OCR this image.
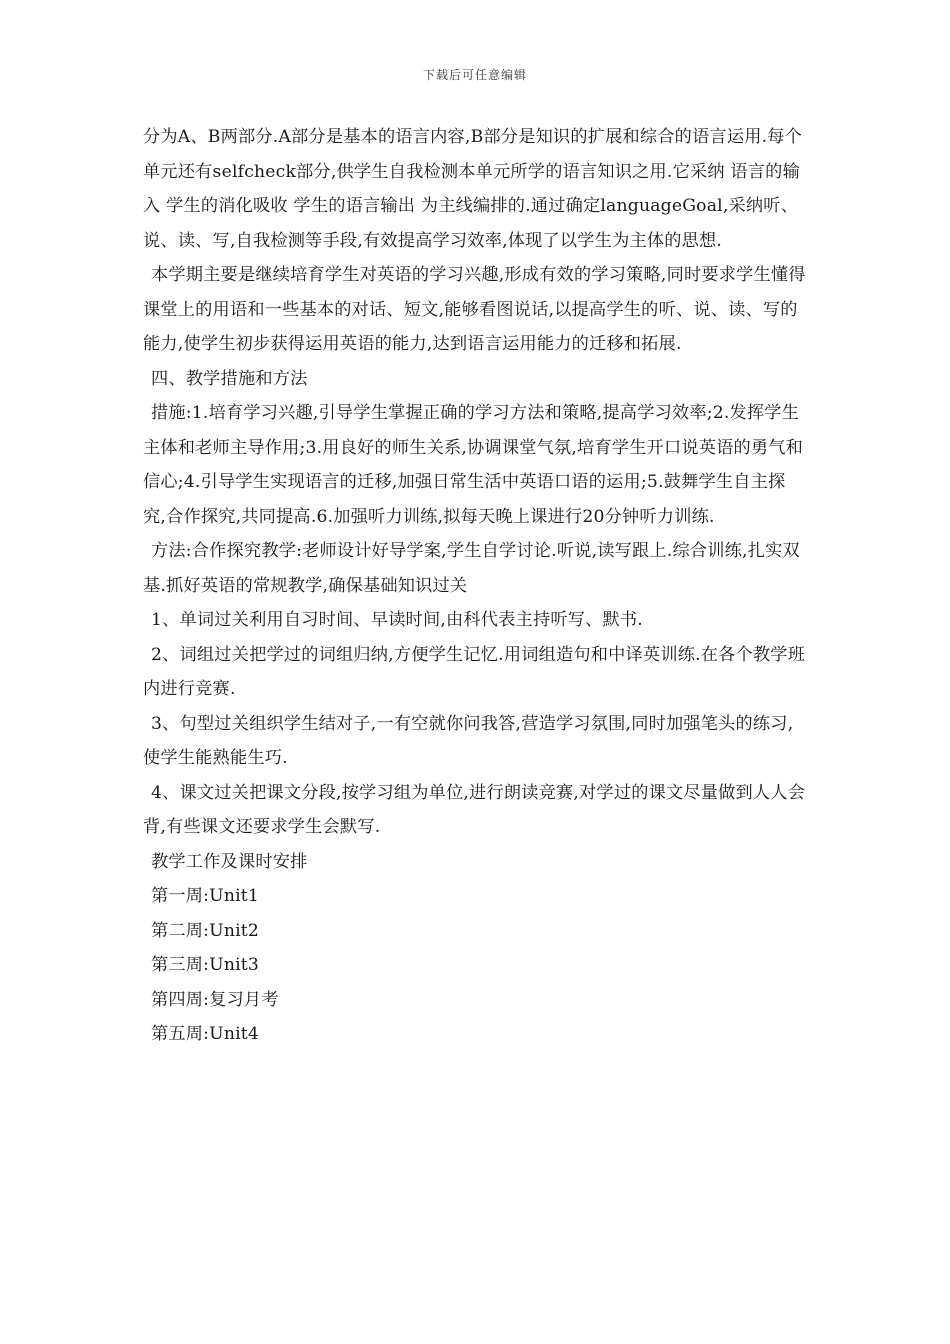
下载后可任意编辑

分为A、B两部分.A部分是基本的语言内容,B部分是知识的扩展和综合的语言运用.每个单元还有selfcheck部分,供学生自我检测本单元所学的语言知识之用.它采纳 语言的输入 学生的消化吸收 学生的语言输出 为主线编排的.通过确定languageGoal,采纳听、说、读、写,自我检测等手段,有效提高学习效率,体现了以学生为主体的思想.

本学期主要是继续培育学生对英语的学习兴趣,形成有效的学习策略,同时要求学生懂得课堂上的用语和一些基本的对话、短文,能够看图说话,以提高学生的听、说、读、写的能力,使学生初步获得运用英语的能力,达到语言运用能力的迁移和拓展.

四、教学措施和方法

措施:1.培育学习兴趣,引导学生掌握正确的学习方法和策略,提高学习效率;2.发挥学生主体和老师主导作用;3.用良好的师生关系,协调课堂气氛,培育学生开口说英语的勇气和信心;4.引导学生实现语言的迁移,加强日常生活中英语口语的运用;5.鼓舞学生自主探究,合作探究,共同提高.6.加强听力训练,拟每天晚上课进行20分钟听力训练.

方法:合作探究教学:老师设计好导学案,学生自学讨论.听说,读写跟上.综合训练,扎实双基.抓好英语的常规教学,确保基础知识过关

1、单词过关利用自习时间、早读时间,由科代表主持听写、默书.

2、词组过关把学过的词组归纳,方便学生记忆.用词组造句和中译英训练.在各个教学班内进行竞赛.

3、句型过关组织学生结对子,一有空就你问我答,营造学习氛围,同时加强笔头的练习,使学生能熟能生巧.

4、课文过关把课文分段,按学习组为单位,进行朗读竞赛,对学过的课文尽量做到人人会背,有些课文还要求学生会默写.

教学工作及课时安排

第一周:Unit1

第二周:Unit2

第三周:Unit3

第四周:复习月考

第五周:Unit4
